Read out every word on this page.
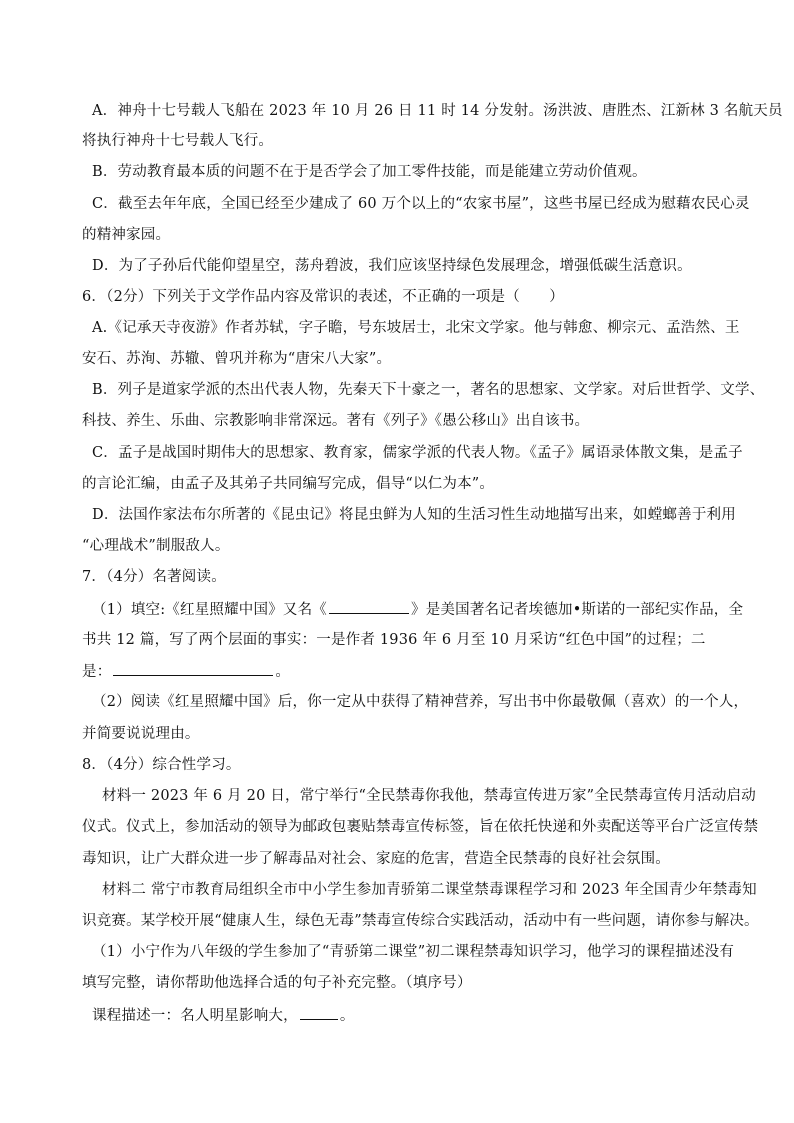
A．神舟十七号载人飞船在 2023 年 10 月 26 日 11 时 14 分发射。汤洪波、唐胜杰、江新林 3 名航天员
将执行神舟十七号载人飞行。
B．劳动教育最本质的问题不在于是否学会了加工零件技能，而是能建立劳动价值观。
C．截至去年年底，全国已经至少建成了 60 万个以上的“农家书屋”，这些书屋已经成为慰藉农民心灵
的精神家园。
D．为了子孙后代能仰望星空，荡舟碧波，我们应该坚持绿色发展理念，增强低碳生活意识。
6．（2分）下列关于文学作品内容及常识的表述，不正确的一项是（　　）
A.《记承天寺夜游》作者苏轼，字子瞻，号东坡居士，北宋文学家。他与韩愈、柳宗元、孟浩然、王
安石、苏洵、苏辙、曾巩并称为“唐宋八大家”。
B．列子是道家学派的杰出代表人物，先秦天下十豪之一，著名的思想家、文学家。对后世哲学、文学、
科技、养生、乐曲、宗教影响非常深远。著有《列子》《愚公移山》出自该书。
C．孟子是战国时期伟大的思想家、教育家，儒家学派的代表人物。《孟子》属语录体散文集，是孟子
的言论汇编，由孟子及其弟子共同编写完成，倡导“以仁为本”。
D．法国作家法布尔所著的《昆虫记》将昆虫鲜为人知的生活习性生动地描写出来，如螳螂善于利用
“心理战术”制服敌人。
7．（4分）名著阅读。
（1）填空:《红星照耀中国》又名《	》是美国著名记者埃德加•斯诺的一部纪实作品，全
书共 12 篇，写了两个层面的事实：一是作者 1936 年 6 月至 10 月采访“红色中国”的过程；二
是：	。
（2）阅读《红星照耀中国》后，你一定从中获得了精神营养，写出书中你最敬佩（喜欢）的一个人，
并简要说说理由。
8．（4分）综合性学习。
材料一 2023 年 6 月 20 日，常宁举行“全民禁毒你我他，禁毒宣传进万家”全民禁毒宣传月活动启动
仪式。仪式上，参加活动的领导为邮政包裹贴禁毒宣传标签，旨在依托快递和外卖配送等平台广泛宣传禁
毒知识，让广大群众进一步了解毒品对社会、家庭的危害，营造全民禁毒的良好社会氛围。
材料二 常宁市教育局组织全市中小学生参加青骄第二课堂禁毒课程学习和 2023 年全国青少年禁毒知
识竞赛。某学校开展“健康人生，绿色无毒”禁毒宣传综合实践活动，活动中有一些问题，请你参与解决。
（1）小宁作为八年级的学生参加了“青骄第二课堂”初二课程禁毒知识学习，他学习的课程描述没有
填写完整，请你帮助他选择合适的句子补充完整。（填序号）
课程描述一：名人明星影响大，	。
